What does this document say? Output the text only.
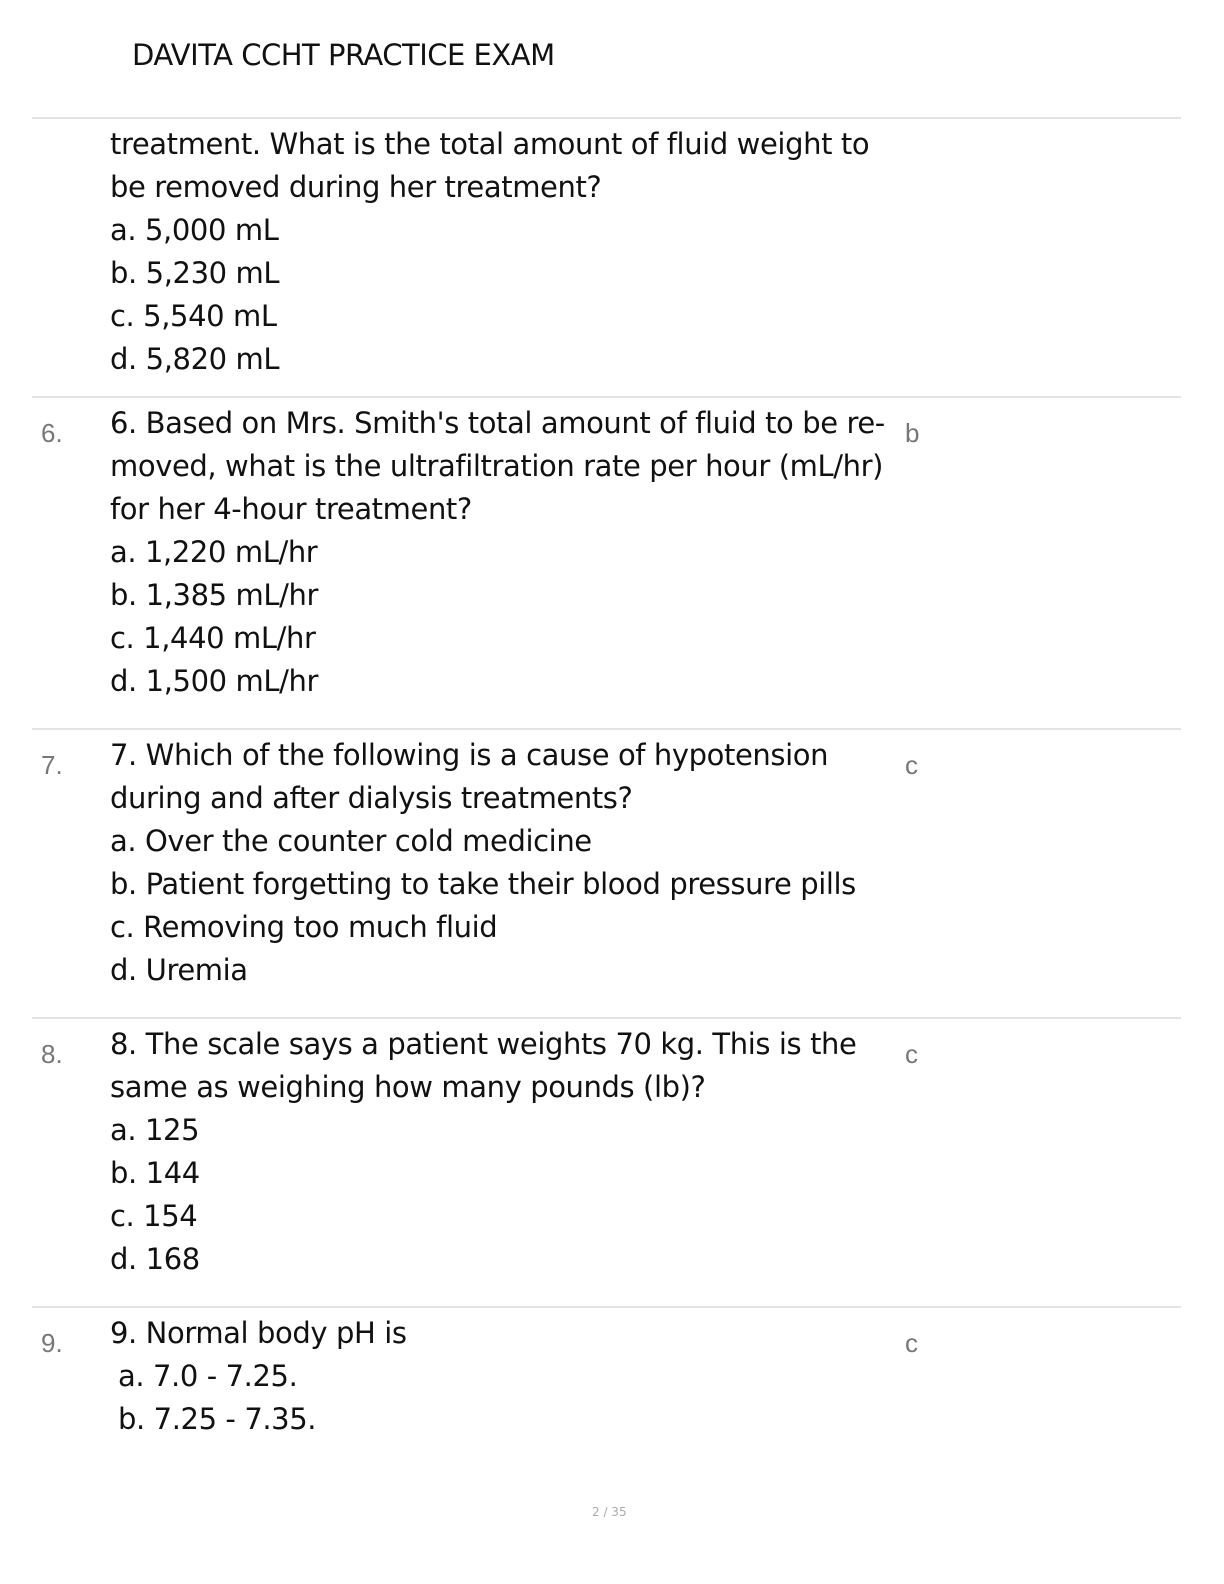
DAVITA CCHT PRACTICE EXAM
treatment. What is the total amount of fluid weight to
be removed during her treatment?
a. 5,000 mL
b. 5,230 mL
c. 5,540 mL
d. 5,820 mL
6.	b
6. Based on Mrs. Smith's total amount of fluid to be re-
moved, what is the ultrafiltration rate per hour (mL/hr)
for her 4-hour treatment?
a. 1,220 mL/hr
b. 1,385 mL/hr
c. 1,440 mL/hr
d. 1,500 mL/hr
7.	c
7. Which of the following is a cause of hypotension
during and after dialysis treatments?
a. Over the counter cold medicine
b. Patient forgetting to take their blood pressure pills
c. Removing too much fluid
d. Uremia
8.	c
8. The scale says a patient weights 70 kg. This is the
same as weighing how many pounds (lb)?
a. 125
b. 144
c. 154
d. 168
9.	c
9. Normal body pH is
a. 7.0 - 7.25.
b. 7.25 - 7.35.
2 / 35
